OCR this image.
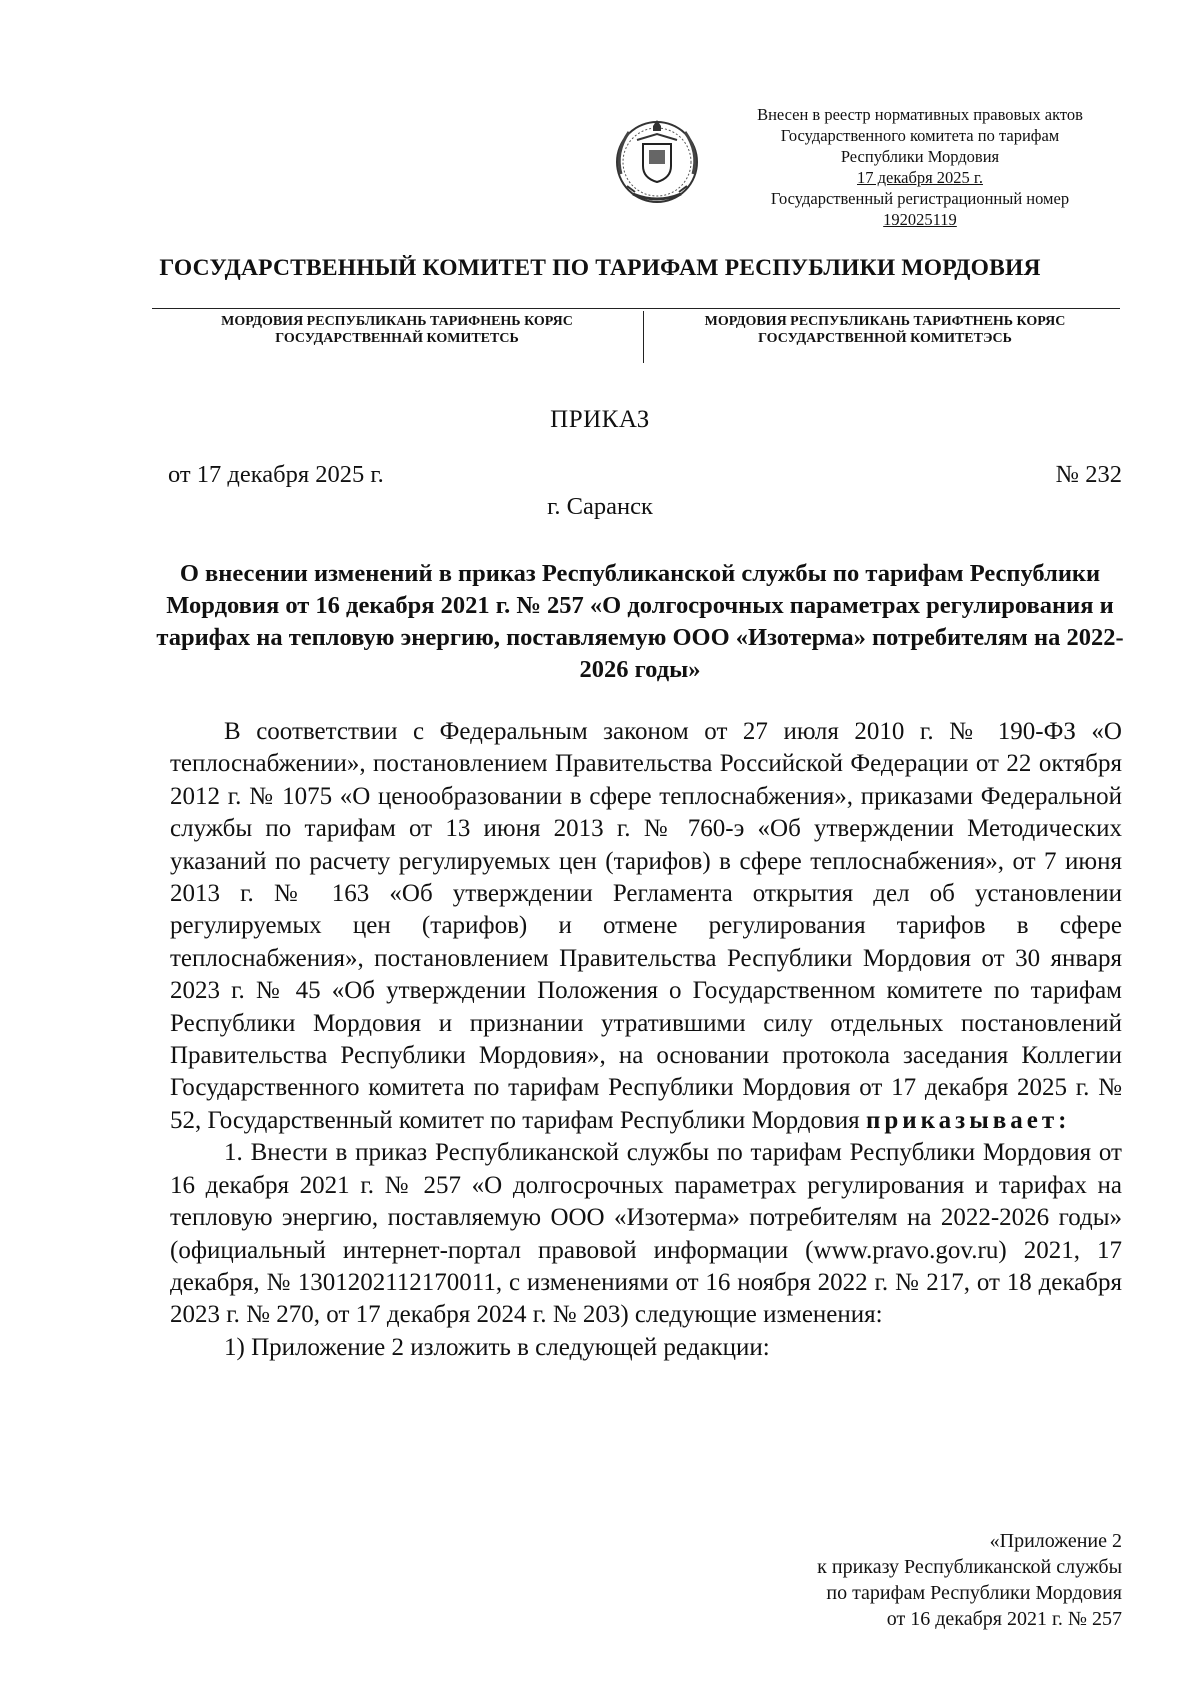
Внесен в реестр нормативных правовых актов
Государственного комитета по тарифам
Республики Мордовия
17 декабря 2025 г.
Государственный регистрационный номер
192025119
ГОСУДАРСТВЕННЫЙ КОМИТЕТ ПО ТАРИФАМ РЕСПУБЛИКИ МОРДОВИЯ
МОРДОВИЯ РЕСПУБЛИКАНЬ ТАРИФНЕНЬ КОРЯС
ГОСУДАРСТВЕННАЙ КОМИТЕТСЬ
МОРДОВИЯ РЕСПУБЛИКАНЬ ТАРИФТНЕНЬ КОРЯС
ГОСУДАРСТВЕННОЙ КОМИТЕТЭСЬ
ПРИКАЗ
от 17 декабря 2025 г.	№ 232
г. Саранск
О внесении изменений в приказ Республиканской службы по тарифам Республики Мордовия от 16 декабря 2021 г. № 257 «О долгосрочных параметрах регулирования и тарифах на тепловую энергию, поставляемую ООО «Изотерма» потребителям на 2022-2026 годы»

В соответствии с Федеральным законом от 27 июля 2010 г. № 190-ФЗ «О теплоснабжении», постановлением Правительства Российской Федерации от 22 октября 2012 г. № 1075 «О ценообразовании в сфере теплоснабжения», приказами Федеральной службы по тарифам от 13 июня 2013 г. № 760-э «Об утверждении Методических указаний по расчету регулируемых цен (тарифов) в сфере теплоснабжения», от 7 июня 2013 г. № 163 «Об утверждении Регламента открытия дел об установлении регулируемых цен (тарифов) и отмене регулирования тарифов в сфере теплоснабжения», постановлением Правительства Республики Мордовия от 30 января 2023 г. № 45 «Об утверждении Положения о Государственном комитете по тарифам Республики Мордовия и признании утратившими силу отдельных постановлений Правительства Республики Мордовия», на основании протокола заседания Коллегии Государственного комитета по тарифам Республики Мордовия от 17 декабря 2025 г. № 52, Государственный комитет по тарифам Республики Мордовия приказывает:

1. Внести в приказ Республиканской службы по тарифам Республики Мордовия от 16 декабря 2021 г. № 257 «О долгосрочных параметрах регулирования и тарифах на тепловую энергию, поставляемую ООО «Изотерма» потребителям на 2022-2026 годы» (официальный интернет-портал правовой информации (www.pravo.gov.ru) 2021, 17 декабря, № 1301202112170011, с изменениями от 16 ноября 2022 г. № 217, от 18 декабря 2023 г. № 270, от 17 декабря 2024 г. № 203) следующие изменения:

1) Приложение 2 изложить в следующей редакции:

«Приложение 2
к приказу Республиканской службы
по тарифам Республики Мордовия
от 16 декабря 2021 г. № 257
